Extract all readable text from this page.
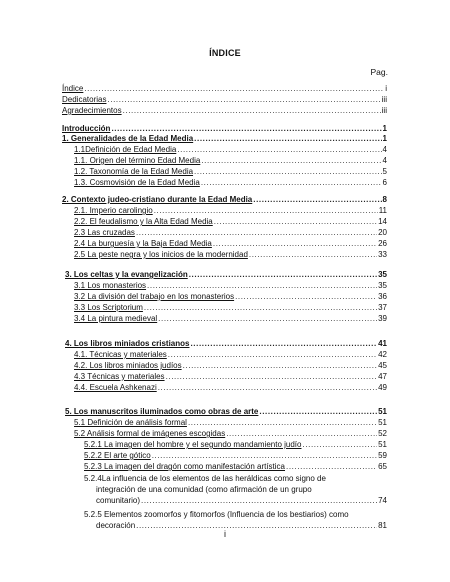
ÍNDICE
Pag.
Índice .....	i
Dedicatorias .....	iii
Agradecimientos .....	iii
Introducción .....	1
1. Generalidades de la Edad Media .....	1
1.1Definición de Edad Media .....	4
1.1. Origen del término Edad Media .....	4
1.2. Taxonomía de la Edad Media .....	5
1.3. Cosmovisión de la Edad Media .....	6
2. Contexto judeo-cristiano durante la Edad Media .....	8
2.1. Imperio carolingio .....	11
2.2. El feudalismo y la Alta Edad Media .....	14
2.3 Las cruzadas .....	20
2.4 La burguesía y la Baja Edad Media .....	26
2.5 La peste negra y los inicios de la modernidad .....	33
3. Los celtas y la evangelización .....	35
3.1 Los monasterios .....	35
3.2 La división del trabajo en los monasterios .....	36
3.3 Los Scriptorium .....	37
3.4 La pintura medieval .....	39
4. Los libros miniados cristianos .....	41
4.1. Técnicas y materiales .....	42
4.2. Los libros miniados judíos .....	45
4.3 Técnicas y materiales .....	47
4.4. Escuela Ashkenazi .....	49
5. Los manuscritos iluminados como obras de arte .....	51
5.1 Definición de análisis formal .....	51
5.2 Análisis formal de imágenes escogidas .....	52
5.2.1 La imagen del hombre y el segundo mandamiento judío .....	51
5.2.2 El arte gótico .....	59
5.2.3 La imagen del dragón como manifestación artística .....	65
5.2.4La influencia de los elementos de las heráldicas como signo de
integración de una comunidad (como afirmación de un grupo
comunitario) .....	74
5.2.5 Elementos zoomorfos y fitomorfos (Influencia de los bestiarios) como
decoración .....	81
i
